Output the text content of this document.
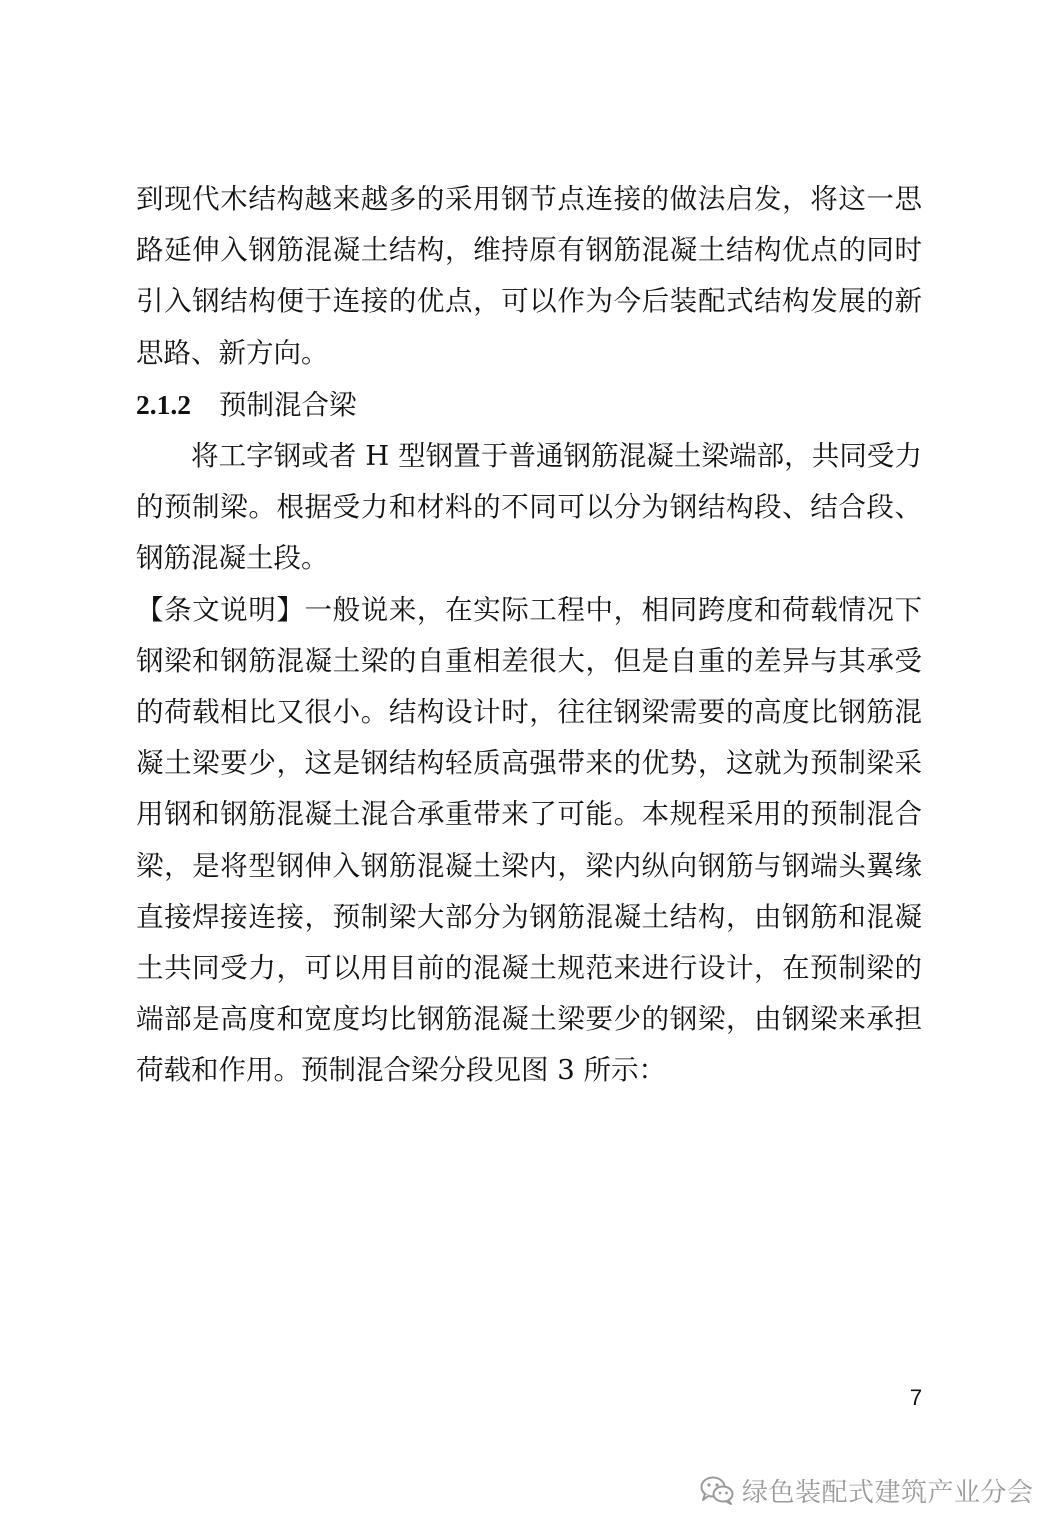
到现代木结构越来越多的采用钢节点连接的做法启发，将这一思路延伸入钢筋混凝土结构，维持原有钢筋混凝土结构优点的同时引入钢结构便于连接的优点，可以作为今后装配式结构发展的新思路、新方向。

2.1.2 预制混合梁

将工字钢或者 H 型钢置于普通钢筋混凝土梁端部，共同受力的预制梁。根据受力和材料的不同可以分为钢结构段、结合段、钢筋混凝土段。

【条文说明】一般说来，在实际工程中，相同跨度和荷载情况下钢梁和钢筋混凝土梁的自重相差很大，但是自重的差异与其承受的荷载相比又很小。结构设计时，往往钢梁需要的高度比钢筋混凝土梁要少，这是钢结构轻质高强带来的优势，这就为预制梁采用钢和钢筋混凝土混合承重带来了可能。本规程采用的预制混合梁，是将型钢伸入钢筋混凝土梁内，梁内纵向钢筋与钢端头翼缘直接焊接连接，预制梁大部分为钢筋混凝土结构，由钢筋和混凝土共同受力，可以用目前的混凝土规范来进行设计，在预制梁的端部是高度和宽度均比钢筋混凝土梁要少的钢梁，由钢梁来承担荷载和作用。预制混合梁分段见图 3 所示：

7
绿色装配式建筑产业分会
